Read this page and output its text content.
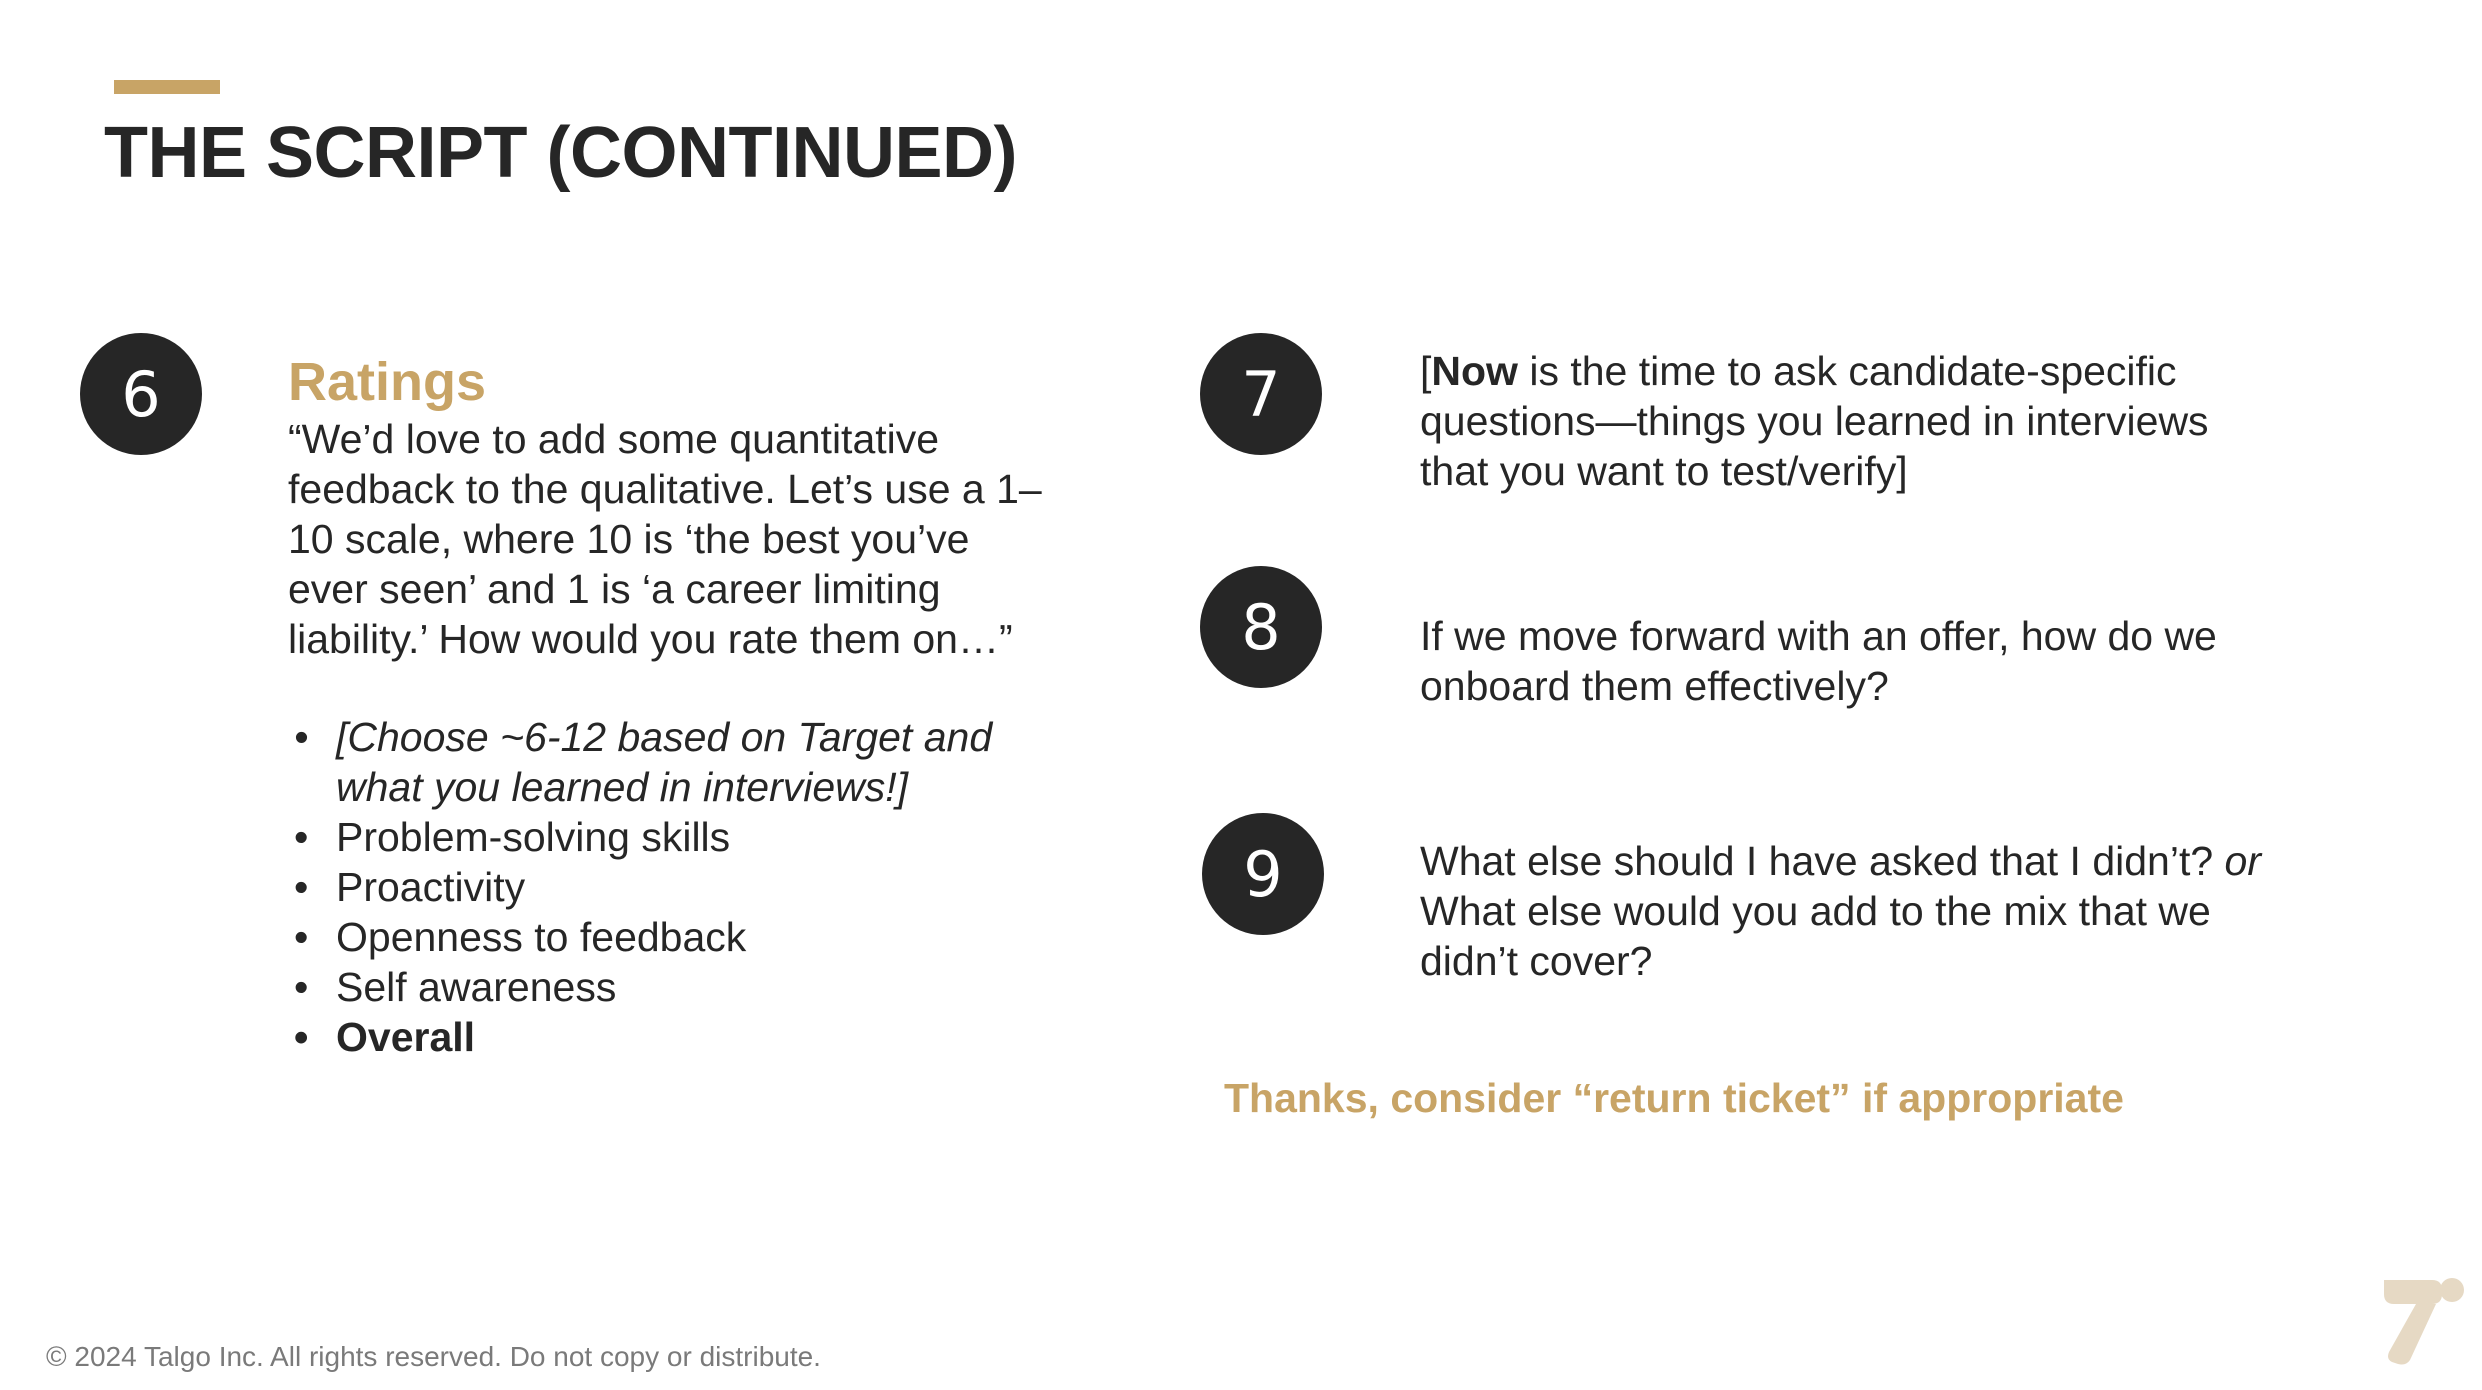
THE SCRIPT (CONTINUED)
6 Ratings

“We’d love to add some quantitative feedback to the qualitative. Let’s use a 1–10 scale, where 10 is ‘the best you’ve ever seen’ and 1 is ‘a career limiting liability.’ How would you rate them on…”

• [Choose ~6-12 based on Target and what you learned in interviews!]
• Problem-solving skills
• Proactivity
• Openness to feedback
• Self awareness
• Overall
7	[Now is the time to ask candidate-specific questions—things you learned in interviews that you want to test/verify]

8	If we move forward with an offer, how do we onboard them effectively?

9	What else should I have asked that I didn’t? or What else would you add to the mix that we didn’t cover?

Thanks, consider “return ticket” if appropriate

© 2024 Talgo Inc. All rights reserved. Do not copy or distribute.
